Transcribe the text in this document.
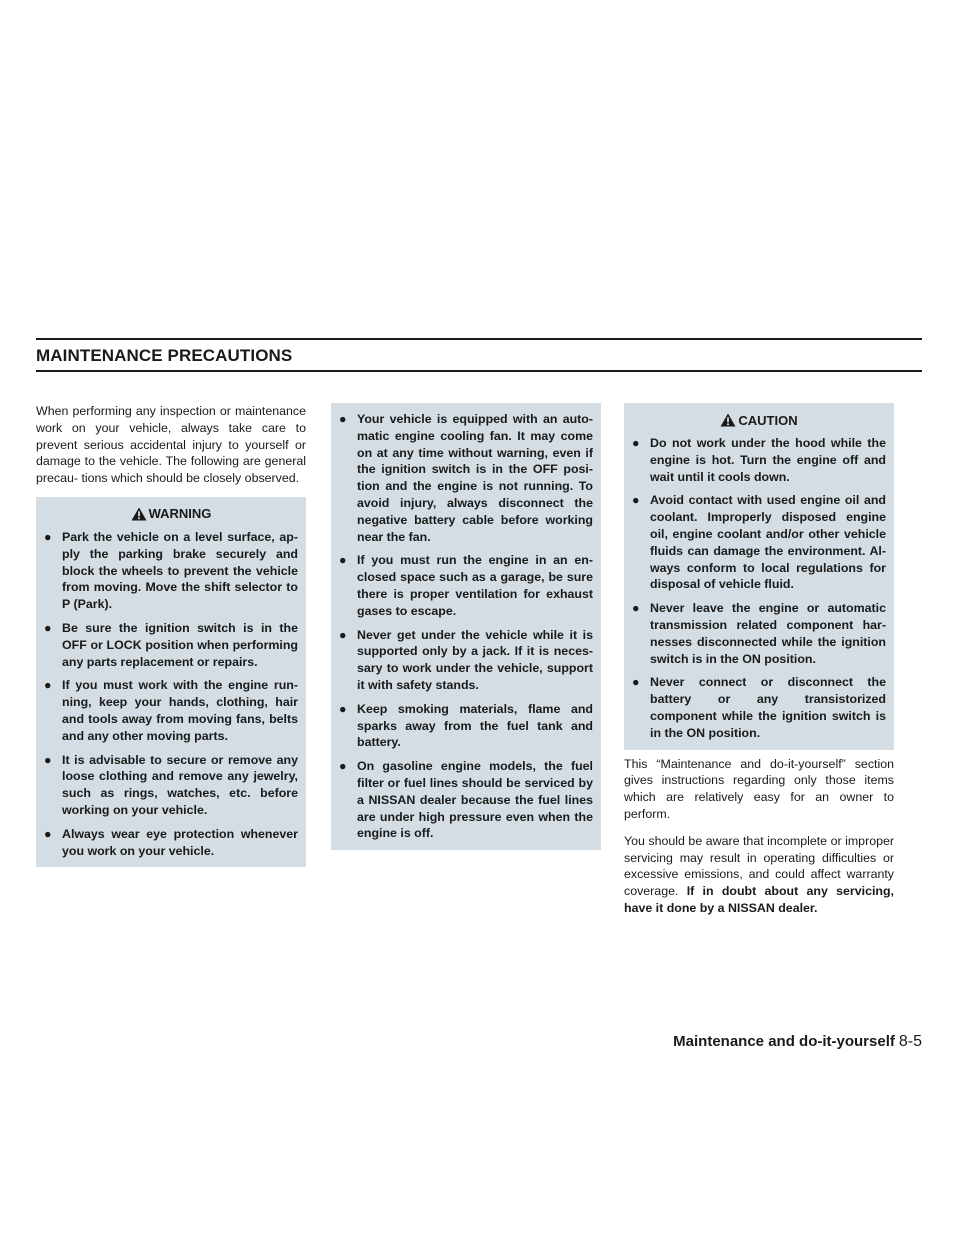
MAINTENANCE PRECAUTIONS

When performing any inspection or maintenance work on your vehicle, always take care to prevent serious accidental injury to yourself or damage to the vehicle. The following are general precau- tions which should be closely observed.

WARNING
● Park the vehicle on a level surface, ap- ply the parking brake securely and block the wheels to prevent the vehicle from moving. Move the shift selector to P (Park).
● Be sure the ignition switch is in the OFF or LOCK position when performing any parts replacement or repairs.
● If you must work with the engine run- ning, keep your hands, clothing, hair and tools away from moving fans, belts and any other moving parts.
● It is advisable to secure or remove any loose clothing and remove any jewelry, such as rings, watches, etc. before working on your vehicle.
● Always wear eye protection whenever you work on your vehicle.
● Your vehicle is equipped with an auto- matic engine cooling fan. It may come on at any time without warning, even if the ignition switch is in the OFF posi- tion and the engine is not running. To avoid injury, always disconnect the negative battery cable before working near the fan.
● If you must run the engine in an en- closed space such as a garage, be sure there is proper ventilation for exhaust gases to escape.
● Never get under the vehicle while it is supported only by a jack. If it is neces- sary to work under the vehicle, support it with safety stands.
● Keep smoking materials, flame and sparks away from the fuel tank and battery.
● On gasoline engine models, the fuel filter or fuel lines should be serviced by a NISSAN dealer because the fuel lines are under high pressure even when the engine is off.
CAUTION
● Do not work under the hood while the engine is hot. Turn the engine off and wait until it cools down.
● Avoid contact with used engine oil and coolant. Improperly disposed engine oil, engine coolant and/or other vehicle fluids can damage the environment. Al- ways conform to local regulations for disposal of vehicle fluid.
● Never leave the engine or automatic transmission related component har- nesses disconnected while the ignition switch is in the ON position.
● Never connect or disconnect the battery or any transistorized component while the ignition switch is in the ON position.

This “Maintenance and do-it-yourself” section gives instructions regarding only those items which are relatively easy for an owner to perform.

You should be aware that incomplete or improper servicing may result in operating difficulties or excessive emissions, and could affect warranty coverage. If in doubt about any servicing, have it done by a NISSAN dealer.

Maintenance and do-it-yourself 8-5
